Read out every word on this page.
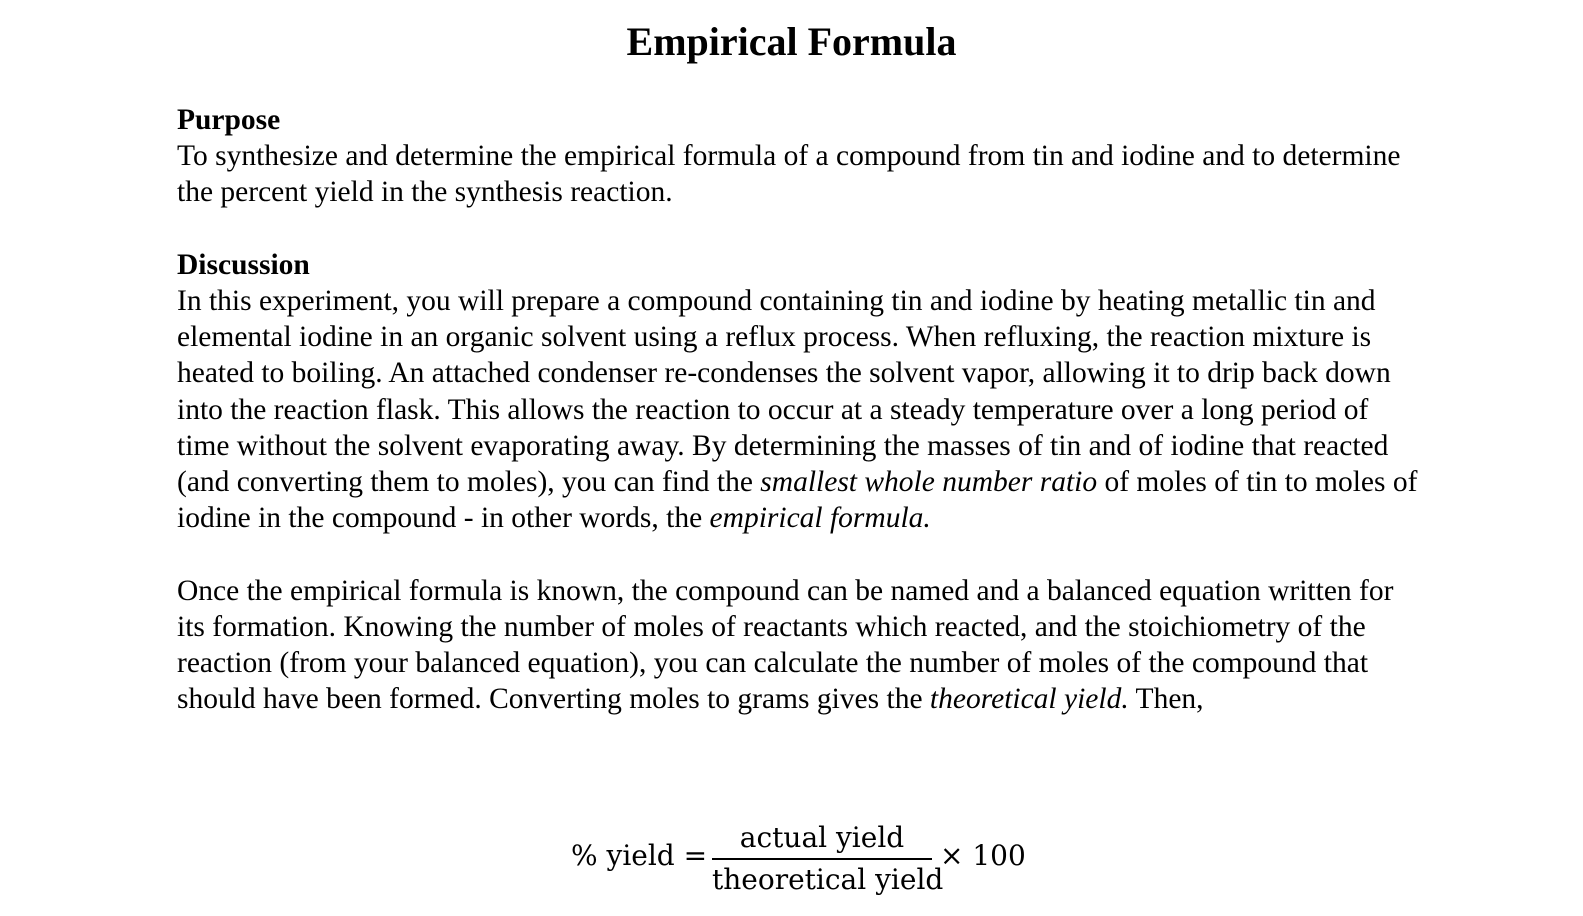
Empirical Formula

Purpose

To synthesize and determine the empirical formula of a compound from tin and iodine and to determine the percent yield in the synthesis reaction.

Discussion

In this experiment, you will prepare a compound containing tin and iodine by heating metallic tin and elemental iodine in an organic solvent using a reflux process. When refluxing, the reaction mixture is heated to boiling. An attached condenser re-condenses the solvent vapor, allowing it to drip back down into the reaction flask. This allows the reaction to occur at a steady temperature over a long period of time without the solvent evaporating away. By determining the masses of tin and of iodine that reacted (and converting them to moles), you can find the smallest whole number ratio of moles of tin to moles of iodine in the compound - in other words, the empirical formula.

Once the empirical formula is known, the compound can be named and a balanced equation written for its formation. Knowing the number of moles of reactants which reacted, and the stoichiometry of the reaction (from your balanced equation), you can calculate the number of moles of the compound that should have been formed. Converting moles to grams gives the theoretical yield. Then,

% yield =
actual yield
theoretical yield
× 100
